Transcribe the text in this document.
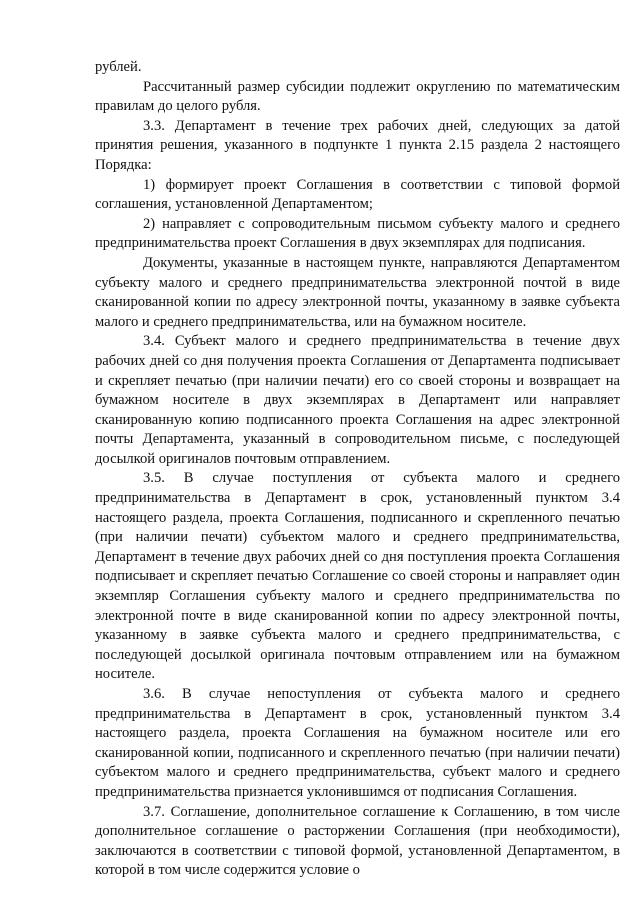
рублей.

Рассчитанный размер субсидии подлежит округлению по математическим правилам до целого рубля.

3.3. Департамент в течение трех рабочих дней, следующих за датой принятия решения, указанного в подпункте 1 пункта 2.15 раздела 2 настоящего Порядка:

1) формирует проект Соглашения в соответствии с типовой формой соглашения, установленной Департаментом;

2) направляет с сопроводительным письмом субъекту малого и среднего предпринимательства проект Соглашения в двух экземплярах для подписания.

Документы, указанные в настоящем пункте, направляются Департаментом субъекту малого и среднего предпринимательства электронной почтой в виде сканированной копии по адресу электронной почты, указанному в заявке субъекта малого и среднего предпринимательства, или на бумажном носителе.

3.4. Субъект малого и среднего предпринимательства в течение двух рабочих дней со дня получения проекта Соглашения от Департамента подписывает и скрепляет печатью (при наличии печати) его со своей стороны и возвращает на бумажном носителе в двух экземплярах в Департамент или направляет сканированную копию подписанного проекта Соглашения на адрес электронной почты Департамента, указанный в сопроводительном письме, с последующей досылкой оригиналов почтовым отправлением.

3.5. В случае поступления от субъекта малого и среднего предпринимательства в Департамент в срок, установленный пунктом 3.4 настоящего раздела, проекта Соглашения, подписанного и скрепленного печатью (при наличии печати) субъектом малого и среднего предпринимательства, Департамент в течение двух рабочих дней со дня поступления проекта Соглашения подписывает и скрепляет печатью Соглашение со своей стороны и направляет один экземпляр Соглашения субъекту малого и среднего предпринимательства по электронной почте в виде сканированной копии по адресу электронной почты, указанному в заявке субъекта малого и среднего предпринимательства, с последующей досылкой оригинала почтовым отправлением или на бумажном носителе.

3.6. В случае непоступления от субъекта малого и среднего предпринимательства в Департамент в срок, установленный пунктом 3.4 настоящего раздела, проекта Соглашения на бумажном носителе или его сканированной копии, подписанного и скрепленного печатью (при наличии печати) субъектом малого и среднего предпринимательства, субъект малого и среднего предпринимательства признается уклонившимся от подписания Соглашения.

3.7. Соглашение, дополнительное соглашение к Соглашению, в том числе дополнительное соглашение о расторжении Соглашения (при необходимости), заключаются в соответствии с типовой формой, установленной Департаментом, в которой в том числе содержится условие о
